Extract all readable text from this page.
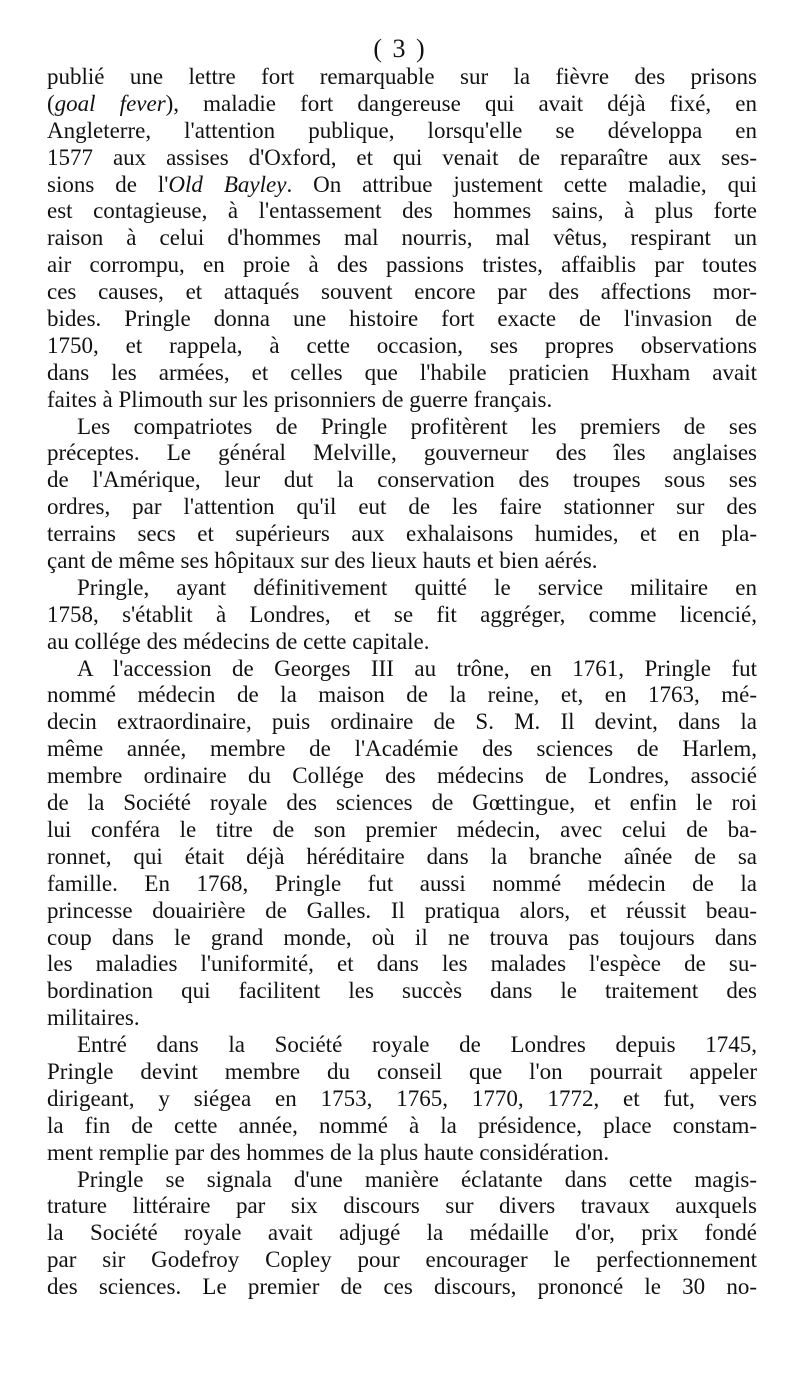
( 3 )
publié une lettre fort remarquable sur la fièvre des prisons
(goal fever), maladie fort dangereuse qui avait déjà fixé, en
Angleterre, l'attention publique, lorsqu'elle se développa en
1577 aux assises d'Oxford, et qui venait de reparaître aux ses-
sions de l'Old Bayley. On attribue justement cette maladie, qui
est contagieuse, à l'entassement des hommes sains, à plus forte
raison à celui d'hommes mal nourris, mal vêtus, respirant un
air corrompu, en proie à des passions tristes, affaiblis par toutes
ces causes, et attaqués souvent encore par des affections mor-
bides. Pringle donna une histoire fort exacte de l'invasion de
1750, et rappela, à cette occasion, ses propres observations
dans les armées, et celles que l'habile praticien Huxham avait
faites à Plimouth sur les prisonniers de guerre français.
Les compatriotes de Pringle profitèrent les premiers de ses
préceptes. Le général Melville, gouverneur des îles anglaises
de l'Amérique, leur dut la conservation des troupes sous ses
ordres, par l'attention qu'il eut de les faire stationner sur des
terrains secs et supérieurs aux exhalaisons humides, et en pla-
çant de même ses hôpitaux sur des lieux hauts et bien aérés.
Pringle, ayant définitivement quitté le service militaire en
1758, s'établit à Londres, et se fit aggréger, comme licencié,
au collége des médecins de cette capitale.
A l'accession de Georges III au trône, en 1761, Pringle fut
nommé médecin de la maison de la reine, et, en 1763, mé-
decin extraordinaire, puis ordinaire de S. M. Il devint, dans la
même année, membre de l'Académie des sciences de Harlem,
membre ordinaire du Collége des médecins de Londres, associé
de la Société royale des sciences de Gœttingue, et enfin le roi
lui conféra le titre de son premier médecin, avec celui de ba-
ronnet, qui était déjà héréditaire dans la branche aînée de sa
famille. En 1768, Pringle fut aussi nommé médecin de la
princesse douairière de Galles. Il pratiqua alors, et réussit beau-
coup dans le grand monde, où il ne trouva pas toujours dans
les maladies l'uniformité, et dans les malades l'espèce de su-
bordination qui facilitent les succès dans le traitement des
militaires.
Entré dans la Société royale de Londres depuis 1745,
Pringle devint membre du conseil que l'on pourrait appeler
dirigeant, y siégea en 1753, 1765, 1770, 1772, et fut, vers
la fin de cette année, nommé à la présidence, place constam-
ment remplie par des hommes de la plus haute considération.
Pringle se signala d'une manière éclatante dans cette magis-
trature littéraire par six discours sur divers travaux auxquels
la Société royale avait adjugé la médaille d'or, prix fondé
par sir Godefroy Copley pour encourager le perfectionnement
des sciences. Le premier de ces discours, prononcé le 30 no-
